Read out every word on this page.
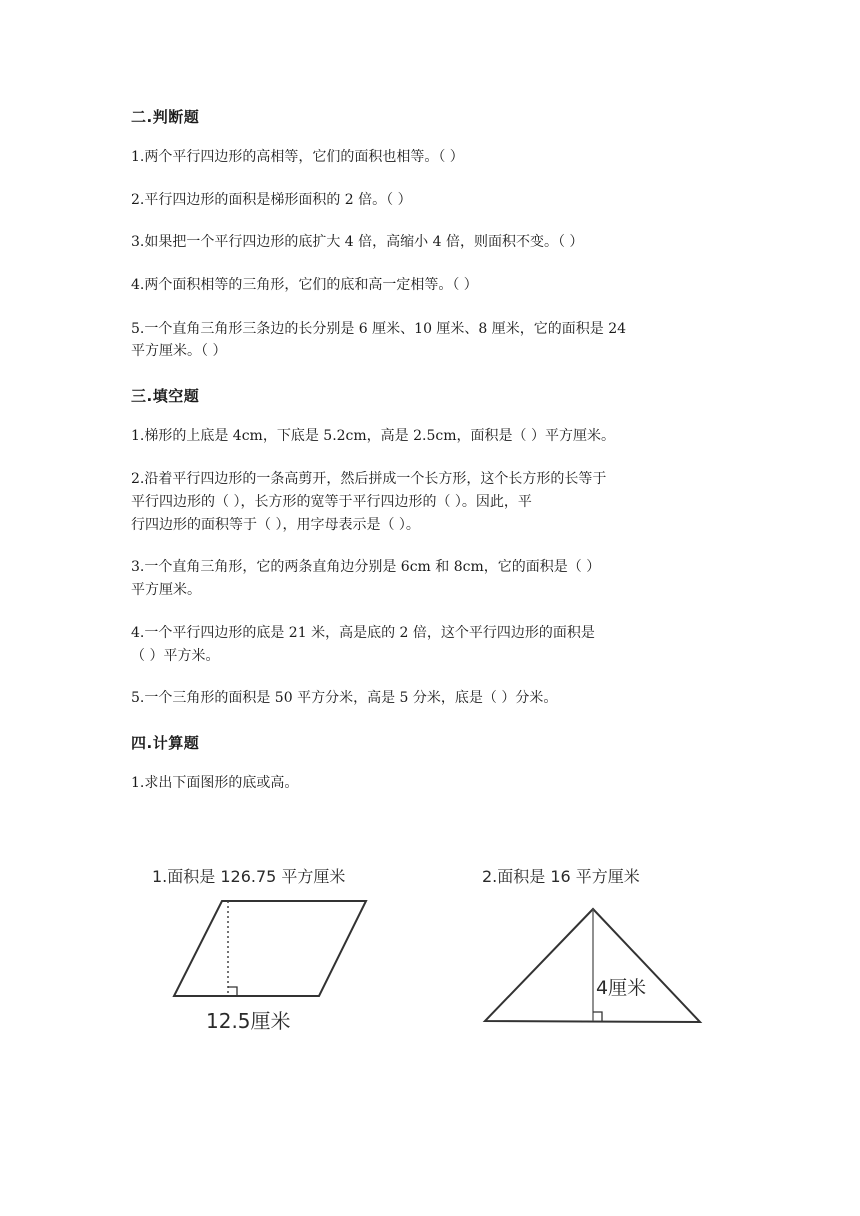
二.判断题
1.两个平行四边形的高相等，它们的面积也相等。（ ）
2.平行四边形的面积是梯形面积的 2 倍。（ ）
3.如果把一个平行四边形的底扩大 4 倍，高缩小 4 倍，则面积不变。（ ）
4.两个面积相等的三角形，它们的底和高一定相等。（ ）
5.一个直角三角形三条边的长分别是 6 厘米、10 厘米、8 厘米，它的面积是 24
平方厘米。（ ）
三.填空题
1.梯形的上底是 4cm，下底是 5.2cm，高是 2.5cm，面积是（ ）平方厘米。
2.沿着平行四边形的一条高剪开，然后拼成一个长方形，这个长方形的长等于
平行四边形的（ ），长方形的宽等于平行四边形的（ ）。因此，平
行四边形的面积等于（ ），用字母表示是（ ）。
3.一个直角三角形，它的两条直角边分别是 6cm 和 8cm，它的面积是（ ）
平方厘米。
4.一个平行四边形的底是 21 米，高是底的 2 倍，这个平行四边形的面积是
（ ）平方米。
5.一个三角形的面积是 50 平方分米，高是 5 分米，底是（ ）分米。
四.计算题
1.求出下面图形的底或高。
1.面积是 126.75 平方厘米
12.5厘米
2.面积是 16 平方厘米
4厘米
